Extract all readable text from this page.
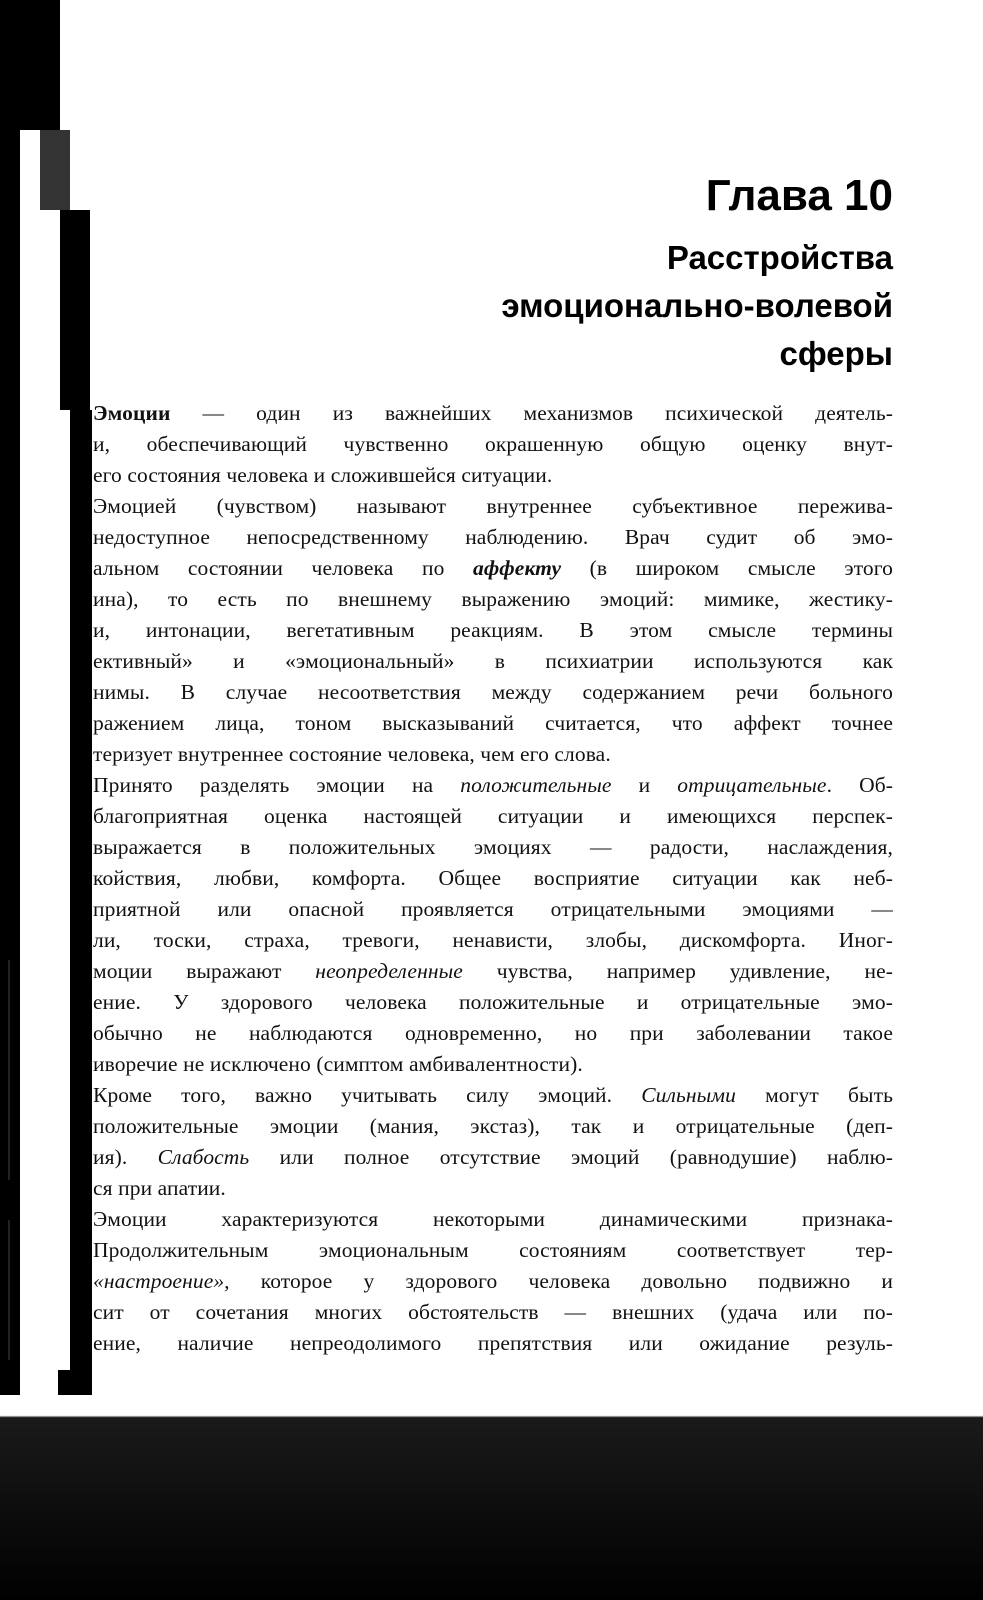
Глава 10
Расстройства
эмоционально-волевой
сферы
Эмоции — один из важнейших механизмов психической деятель-
и, обеспечивающий чувственно окрашенную общую оценку внут-
его состояния человека и сложившейся ситуации.
Эмоцией (чувством) называют внутреннее субъективное пережива-
недоступное непосредственному наблюдению. Врач судит об эмо-
альном состоянии человека по аффекту (в широком смысле этого
ина), то есть по внешнему выражению эмоций: мимике, жестику-
и, интонации, вегетативным реакциям. В этом смысле термины
ективный» и «эмоциональный» в психиатрии используются как
нимы. В случае несоответствия между содержанием речи больного
ражением лица, тоном высказываний считается, что аффект точнее
теризует внутреннее состояние человека, чем его слова.
Принято разделять эмоции на положительные и отрицательные. Об-
благоприятная оценка настоящей ситуации и имеющихся перспек-
выражается в положительных эмоциях — радости, наслаждения,
койствия, любви, комфорта. Общее восприятие ситуации как неб-
приятной или опасной проявляется отрицательными эмоциями —
ли, тоски, страха, тревоги, ненависти, злобы, дискомфорта. Иног-
моции выражают неопределенные чувства, например удивление, не-
ение. У здорового человека положительные и отрицательные эмо-
обычно не наблюдаются одновременно, но при заболевании такое
иворечие не исключено (симптом амбивалентности).
Кроме того, важно учитывать силу эмоций. Сильными могут быть
положительные эмоции (мания, экстаз), так и отрицательные (деп-
ия). Слабость или полное отсутствие эмоций (равнодушие) наблю-
ся при апатии.
Эмоции характеризуются некоторыми динамическими признака-
Продолжительным эмоциональным состояниям соответствует тер-
«настроение», которое у здорового человека довольно подвижно и
сит от сочетания многих обстоятельств — внешних (удача или по-
ение, наличие непреодолимого препятствия или ожидание резуль-
